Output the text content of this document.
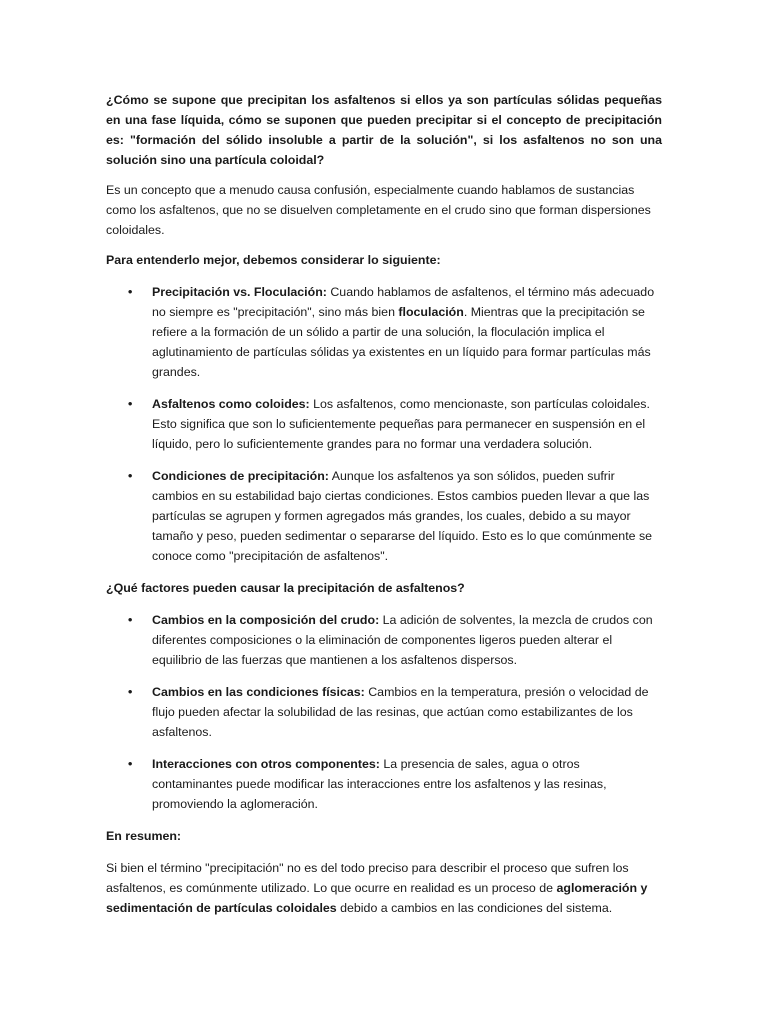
¿Cómo se supone que precipitan los asfaltenos si ellos ya son partículas sólidas pequeñas en una fase líquida, cómo se suponen que pueden precipitar si el concepto de precipitación es: "formación del sólido insoluble a partir de la solución", si los asfaltenos no son una solución sino una partícula coloidal?

Es un concepto que a menudo causa confusión, especialmente cuando hablamos de sustancias como los asfaltenos, que no se disuelven completamente en el crudo sino que forman dispersiones coloidales.

Para entenderlo mejor, debemos considerar lo siguiente:

• Precipitación vs. Floculación: Cuando hablamos de asfaltenos, el término más adecuado no siempre es "precipitación", sino más bien floculación. Mientras que la precipitación se refiere a la formación de un sólido a partir de una solución, la floculación implica el aglutinamiento de partículas sólidas ya existentes en un líquido para formar partículas más grandes.
• Asfaltenos como coloides: Los asfaltenos, como mencionaste, son partículas coloidales. Esto significa que son lo suficientemente pequeñas para permanecer en suspensión en el líquido, pero lo suficientemente grandes para no formar una verdadera solución.
• Condiciones de precipitación: Aunque los asfaltenos ya son sólidos, pueden sufrir cambios en su estabilidad bajo ciertas condiciones. Estos cambios pueden llevar a que las partículas se agrupen y formen agregados más grandes, los cuales, debido a su mayor tamaño y peso, pueden sedimentar o separarse del líquido. Esto es lo que comúnmente se conoce como "precipitación de asfaltenos".

¿Qué factores pueden causar la precipitación de asfaltenos?

• Cambios en la composición del crudo: La adición de solventes, la mezcla de crudos con diferentes composiciones o la eliminación de componentes ligeros pueden alterar el equilibrio de las fuerzas que mantienen a los asfaltenos dispersos.
• Cambios en las condiciones físicas: Cambios en la temperatura, presión o velocidad de flujo pueden afectar la solubilidad de las resinas, que actúan como estabilizantes de los asfaltenos.
• Interacciones con otros componentes: La presencia de sales, agua o otros contaminantes puede modificar las interacciones entre los asfaltenos y las resinas, promoviendo la aglomeración.

En resumen:

Si bien el término "precipitación" no es del todo preciso para describir el proceso que sufren los asfaltenos, es comúnmente utilizado. Lo que ocurre en realidad es un proceso de aglomeración y sedimentación de partículas coloidales debido a cambios en las condiciones del sistema.
